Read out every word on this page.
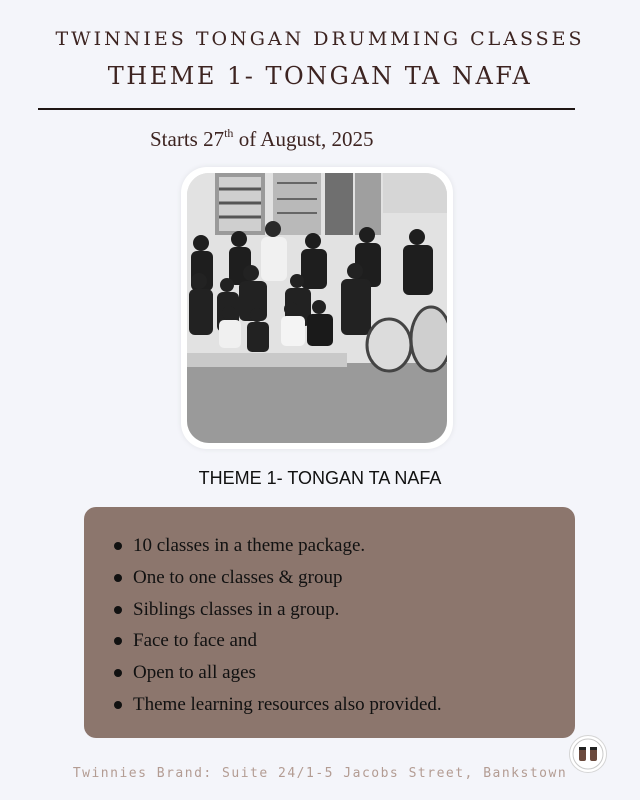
TWINNIES TONGAN DRUMMING CLASSES
THEME 1- TONGAN TA NAFA
Starts 27th of August, 2025
THEME 1- TONGAN TA NAFA
10 classes in a theme package.
One to one classes & group
Siblings classes in a group.
Face to face and
Open to all ages
Theme learning resources also provided.
Twinnies Brand: Suite 24/1-5 Jacobs Street, Bankstown
